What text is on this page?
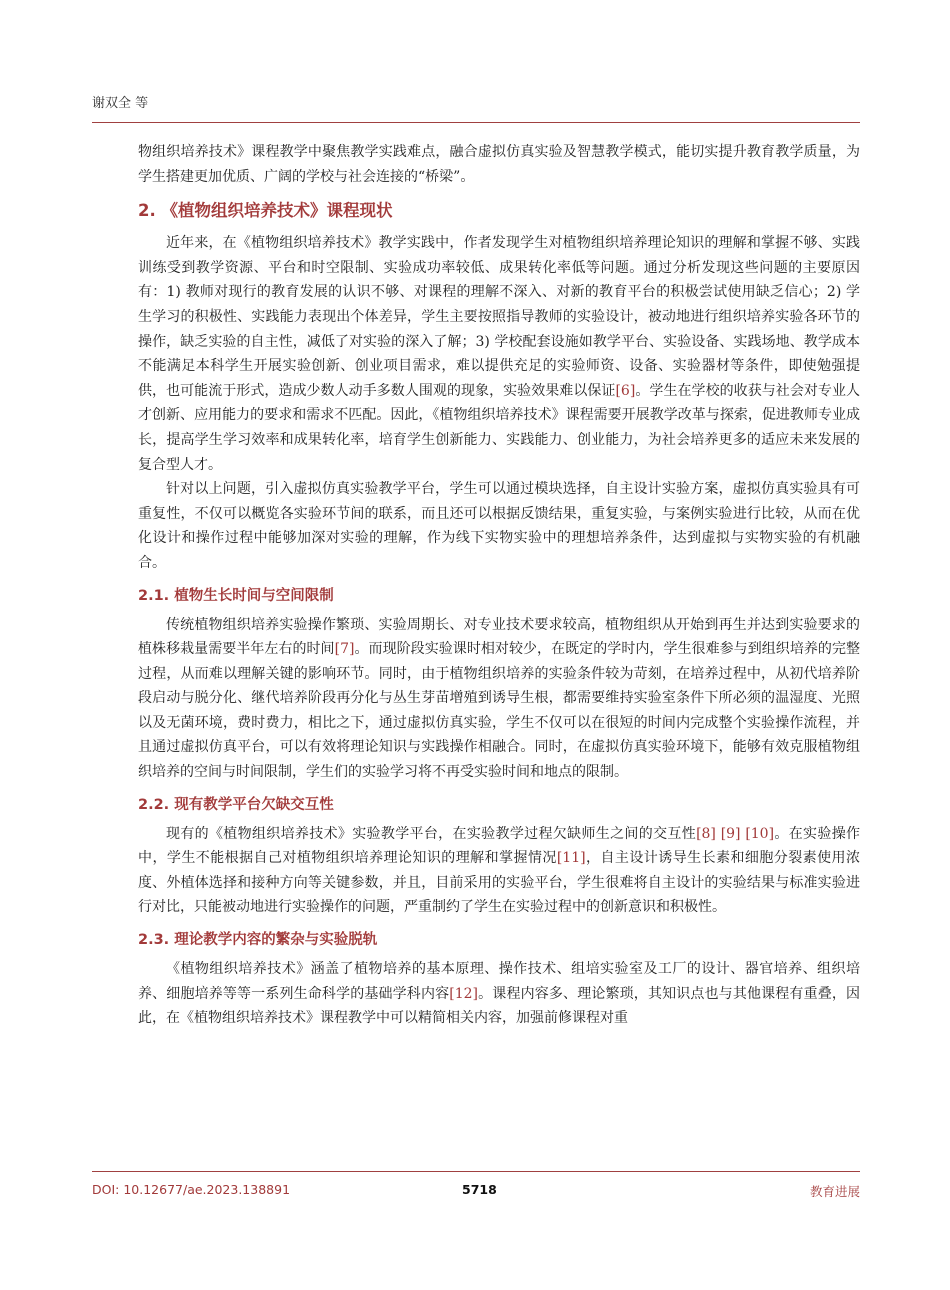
谢双全 等

物组织培养技术》课程教学中聚焦教学实践难点，融合虚拟仿真实验及智慧教学模式，能切实提升教育教学质量，为学生搭建更加优质、广阔的学校与社会连接的“桥梁”。

2. 《植物组织培养技术》课程现状

近年来，在《植物组织培养技术》教学实践中，作者发现学生对植物组织培养理论知识的理解和掌握不够、实践训练受到教学资源、平台和时空限制、实验成功率较低、成果转化率低等问题。通过分析发现这些问题的主要原因有：1) 教师对现行的教育发展的认识不够、对课程的理解不深入、对新的教育平台的积极尝试使用缺乏信心；2) 学生学习的积极性、实践能力表现出个体差异，学生主要按照指导教师的实验设计，被动地进行组织培养实验各环节的操作，缺乏实验的自主性，减低了对实验的深入了解；3) 学校配套设施如教学平台、实验设备、实践场地、教学成本不能满足本科学生开展实验创新、创业项目需求，难以提供充足的实验师资、设备、实验器材等条件，即使勉强提供，也可能流于形式，造成少数人动手多数人围观的现象，实验效果难以保证[6]。学生在学校的收获与社会对专业人才创新、应用能力的要求和需求不匹配。因此，《植物组织培养技术》课程需要开展教学改革与探索，促进教师专业成长，提高学生学习效率和成果转化率，培育学生创新能力、实践能力、创业能力，为社会培养更多的适应未来发展的复合型人才。

针对以上问题，引入虚拟仿真实验教学平台，学生可以通过模块选择，自主设计实验方案，虚拟仿真实验具有可重复性，不仅可以概览各实验环节间的联系，而且还可以根据反馈结果，重复实验，与案例实验进行比较，从而在优化设计和操作过程中能够加深对实验的理解，作为线下实物实验中的理想培养条件，达到虚拟与实物实验的有机融合。

2.1. 植物生长时间与空间限制

传统植物组织培养实验操作繁琐、实验周期长、对专业技术要求较高，植物组织从开始到再生并达到实验要求的植株移栽量需要半年左右的时间[7]。而现阶段实验课时相对较少，在既定的学时内，学生很难参与到组织培养的完整过程，从而难以理解关键的影响环节。同时，由于植物组织培养的实验条件较为苛刻，在培养过程中，从初代培养阶段启动与脱分化、继代培养阶段再分化与丛生芽苗增殖到诱导生根，都需要维持实验室条件下所必须的温湿度、光照以及无菌环境，费时费力，相比之下，通过虚拟仿真实验，学生不仅可以在很短的时间内完成整个实验操作流程，并且通过虚拟仿真平台，可以有效将理论知识与实践操作相融合。同时，在虚拟仿真实验环境下，能够有效克服植物组织培养的空间与时间限制，学生们的实验学习将不再受实验时间和地点的限制。

2.2. 现有教学平台欠缺交互性

现有的《植物组织培养技术》实验教学平台，在实验教学过程欠缺师生之间的交互性[8] [9] [10]。在实验操作中，学生不能根据自己对植物组织培养理论知识的理解和掌握情况[11]，自主设计诱导生长素和细胞分裂素使用浓度、外植体选择和接种方向等关键参数，并且，目前采用的实验平台，学生很难将自主设计的实验结果与标准实验进行对比，只能被动地进行实验操作的问题，严重制约了学生在实验过程中的创新意识和积极性。

2.3. 理论教学内容的繁杂与实验脱轨

《植物组织培养技术》涵盖了植物培养的基本原理、操作技术、组培实验室及工厂的设计、器官培养、组织培养、细胞培养等等一系列生命科学的基础学科内容[12]。课程内容多、理论繁琐，其知识点也与其他课程有重叠，因此，在《植物组织培养技术》课程教学中可以精简相关内容，加强前修课程对重

DOI: 10.12677/ae.2023.138891	5718	教育进展
